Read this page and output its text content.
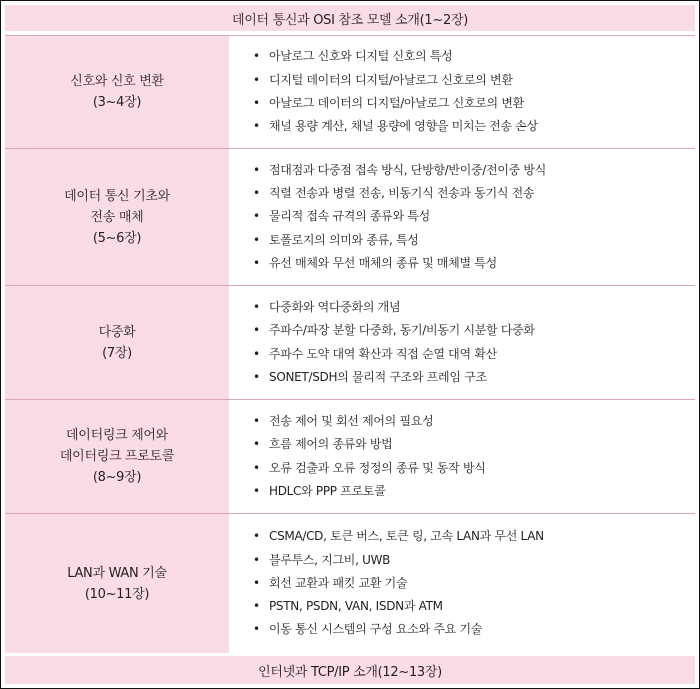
데이터 통신과 OSI 참조 모델 소개(1~2장)
신호와 신호 변환
(3~4장)
• 아날로그 신호와 디지털 신호의 특성
• 디지털 데이터의 디지털/아날로그 신호로의 변환
• 아날로그 데이터의 디지털/아날로그 신호로의 변환
• 채널 용량 계산, 채널 용량에 영향을 미치는 전송 손상
데이터 통신 기초와
전송 매체
(5~6장)
• 점대점과 다중점 접속 방식, 단방향/반이중/전이중 방식
• 직렬 전송과 병렬 전송, 비동기식 전송과 동기식 전송
• 물리적 접속 규격의 종류와 특성
• 토폴로지의 의미와 종류, 특성
• 유선 매체와 무선 매체의 종류 및 매체별 특성
다중화
(7장)
• 다중화와 역다중화의 개념
• 주파수/파장 분할 다중화, 동기/비동기 시분할 다중화
• 주파수 도약 대역 확산과 직접 순열 대역 확산
• SONET/SDH의 물리적 구조와 프레임 구조
데이터링크 제어와
데이터링크 프로토콜
(8~9장)
• 전송 제어 및 회선 제어의 필요성
• 흐름 제어의 종류와 방법
• 오류 검출과 오류 정정의 종류 및 동작 방식
• HDLC와 PPP 프로토콜
LAN과 WAN 기술
(10~11장)
• CSMA/CD, 토큰 버스, 토큰 링, 고속 LAN과 무선 LAN
• 블루투스, 지그비, UWB
• 회선 교환과 패킷 교환 기술
• PSTN, PSDN, VAN, ISDN과 ATM
• 이동 통신 시스템의 구성 요소와 주요 기술
인터넷과 TCP/IP 소개(12~13장)
